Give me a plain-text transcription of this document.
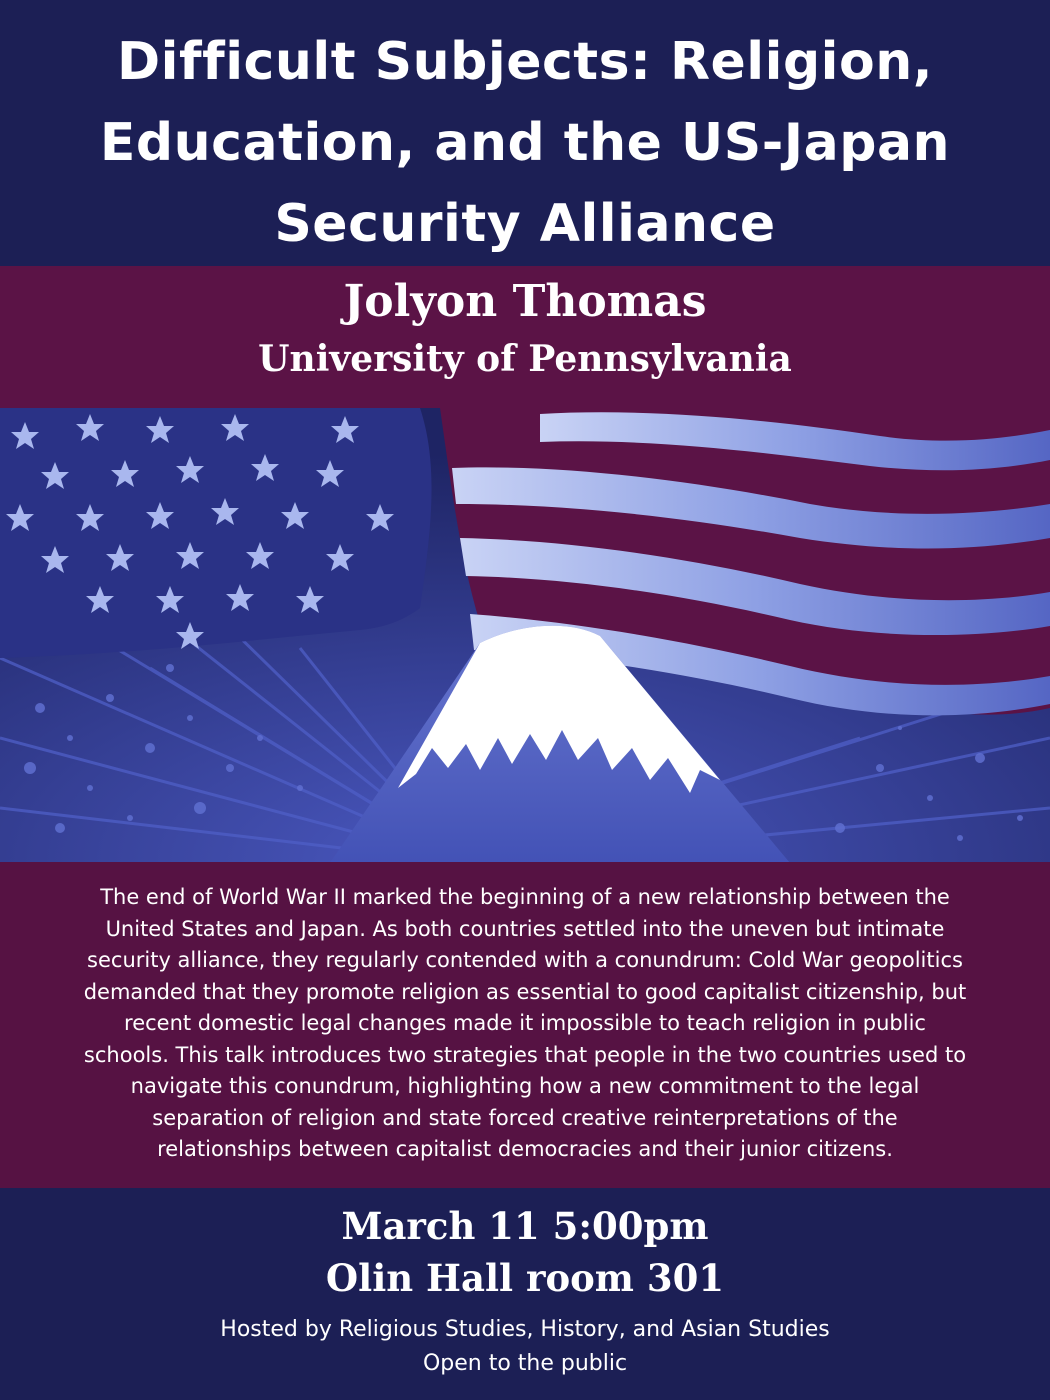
Difficult Subjects: Religion,
Education, and the US-Japan
Security Alliance
Jolyon Thomas
University of Pennsylvania

The end of World War II marked the beginning of a new relationship between the
United States and Japan. As both countries settled into the uneven but intimate
security alliance, they regularly contended with a conundrum: Cold War geopolitics
demanded that they promote religion as essential to good capitalist citizenship, but
recent domestic legal changes made it impossible to teach religion in public
schools. This talk introduces two strategies that people in the two countries used to
navigate this conundrum, highlighting how a new commitment to the legal
separation of religion and state forced creative reinterpretations of the
relationships between capitalist democracies and their junior citizens.

March 11 5:00pm
Olin Hall room 301
Hosted by Religious Studies, History, and Asian Studies
Open to the public
